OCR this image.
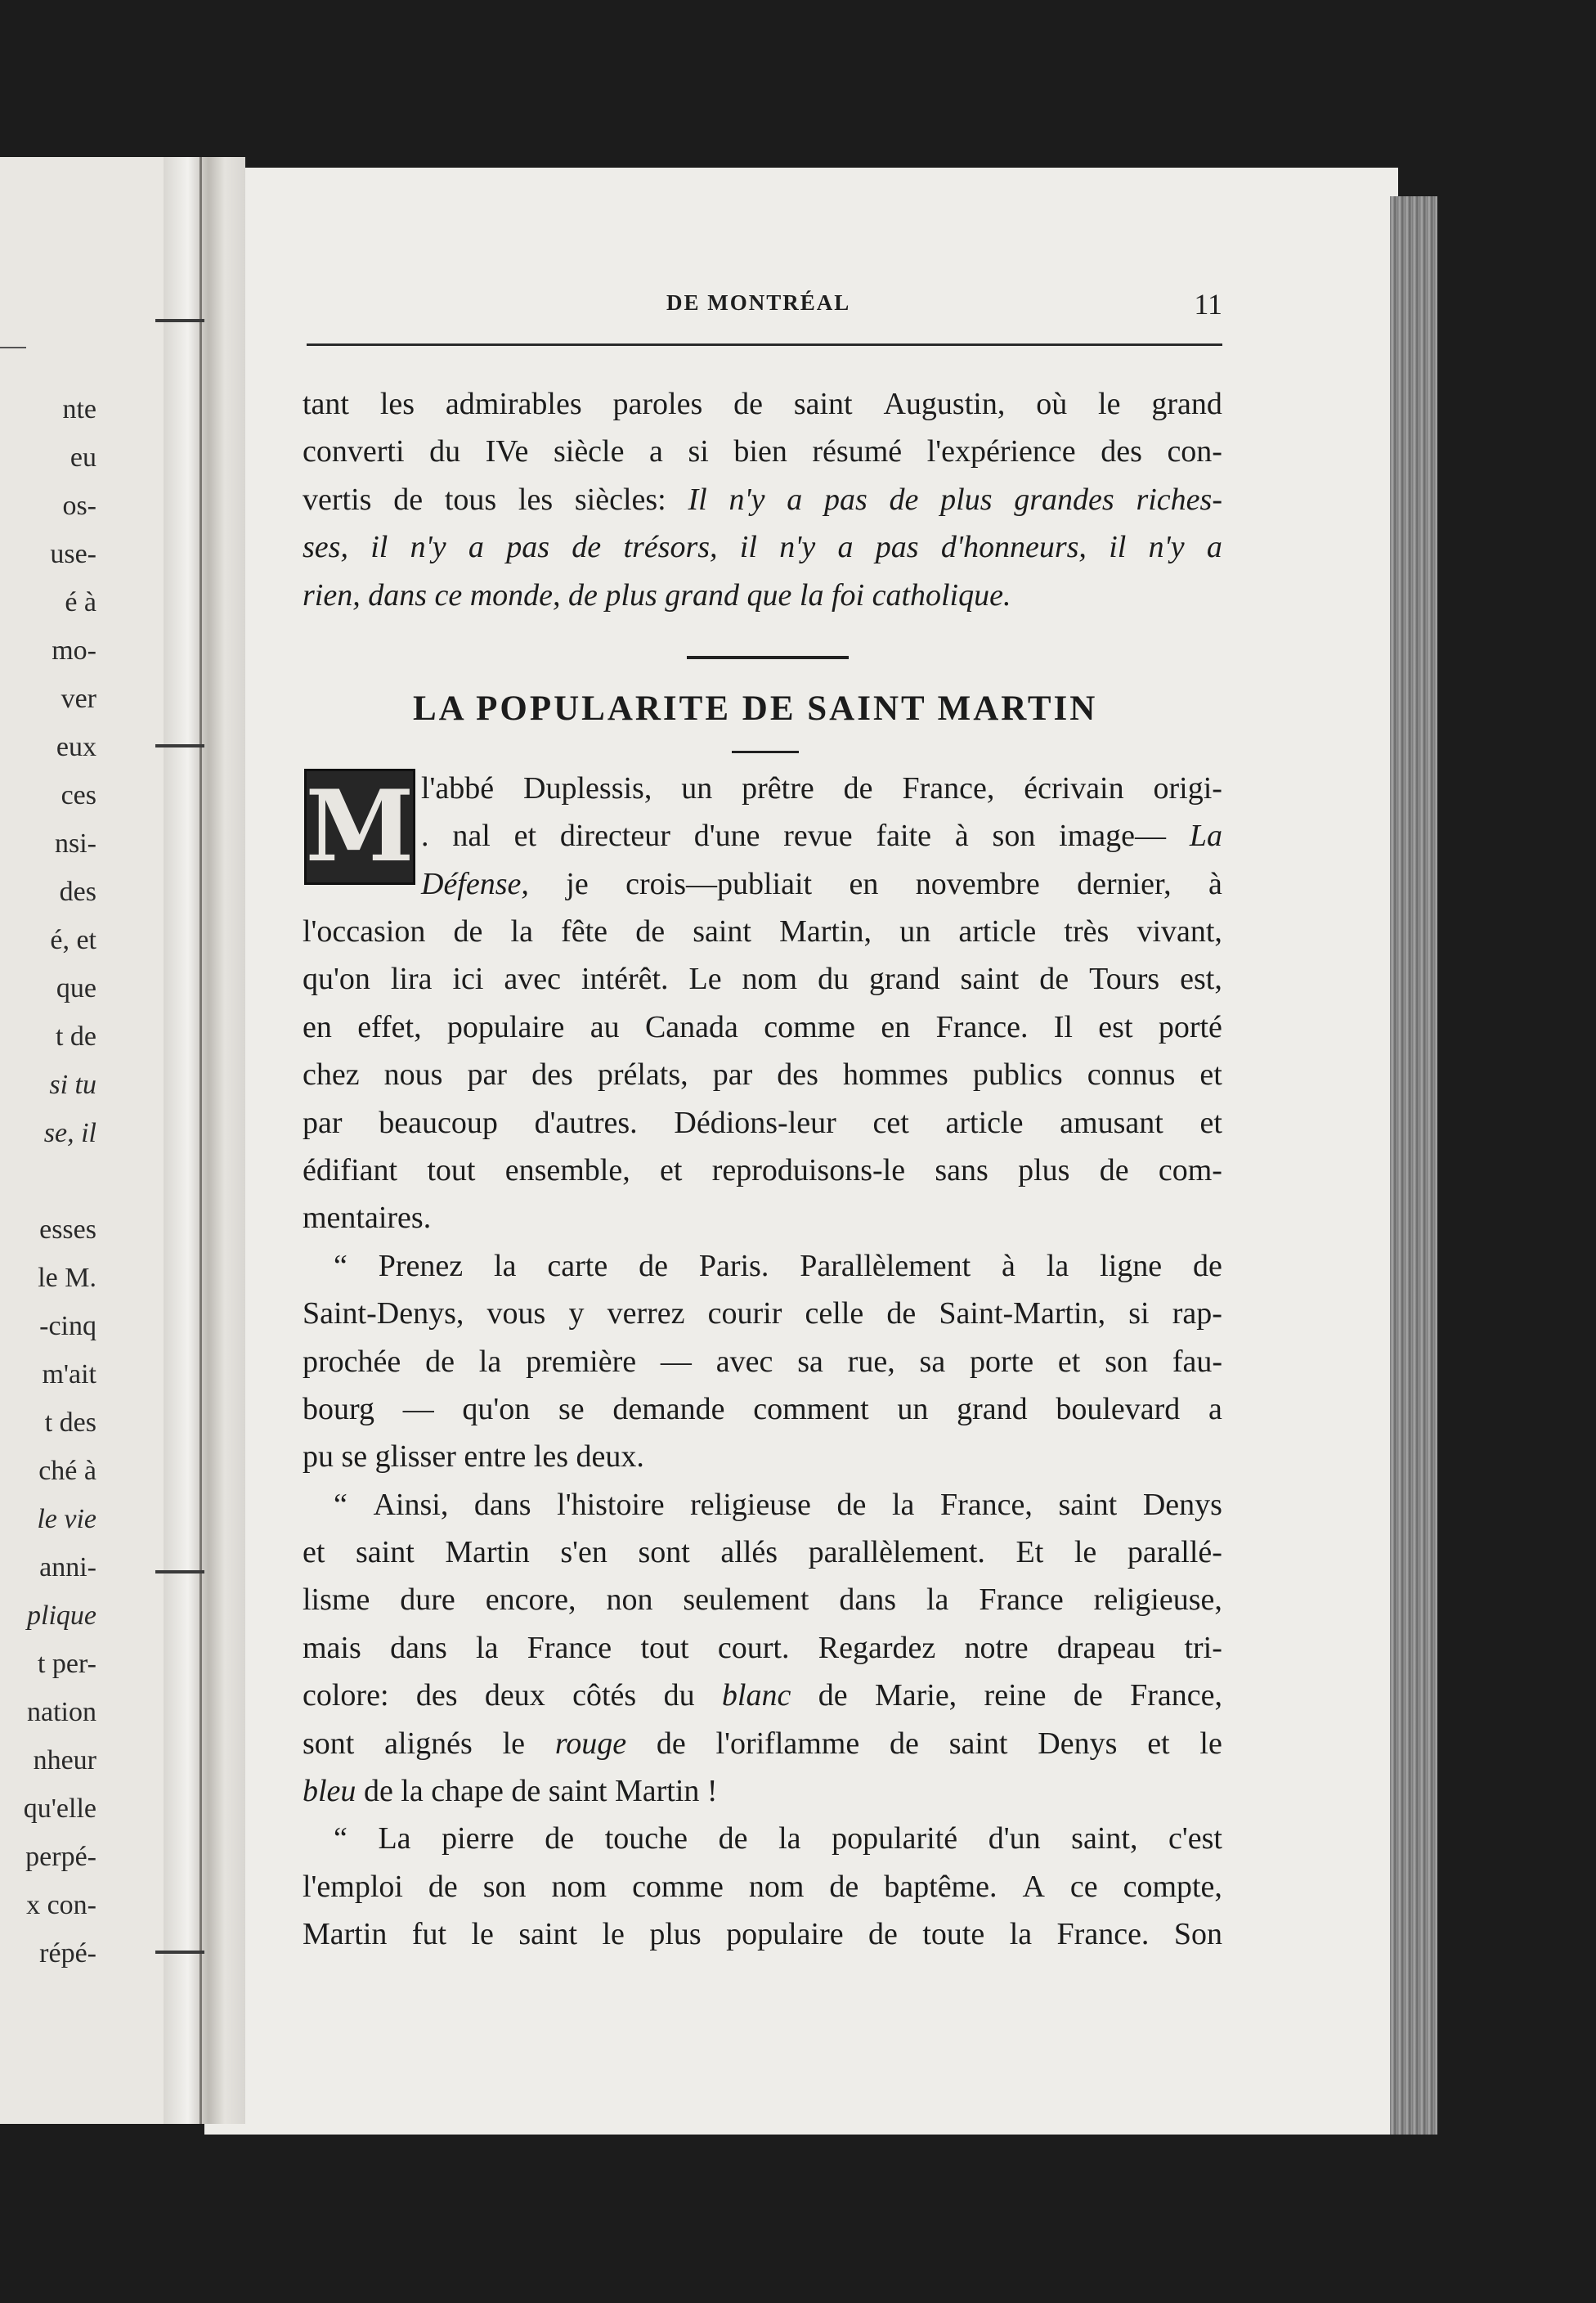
nte
eu
os-
use-
é à
mo-
ver
eux
ces
nsi-
des
é, et
que
t de
si tu
se, il
esses
le M.
-cinq
m'ait
t des
ché à
le vie
anni-
plique
t per-
nation
nheur
qu'elle
perpé-
x con-
répé-
DE MONTRÉAL	11
tant les admirables paroles de saint Augustin, où le grand
converti du IVe siècle a si bien résumé l'expérience des con-
vertis de tous les siècles: Il n'y a pas de plus grandes riches-
ses, il n'y a pas de trésors, il n'y a pas d'honneurs, il n'y a
rien, dans ce monde, de plus grand que la foi catholique.
LA POPULARITE DE SAINT MARTIN
M l'abbé Duplessis, un prêtre de France, écrivain origi-
. nal et directeur d'une revue faite à son image— La
Défense, je crois—publiait en novembre dernier, à
l'occasion de la fête de saint Martin, un article très vivant,
qu'on lira ici avec intérêt. Le nom du grand saint de Tours est,
en effet, populaire au Canada comme en France. Il est porté
chez nous par des prélats, par des hommes publics connus et
par beaucoup d'autres. Dédions-leur cet article amusant et
édifiant tout ensemble, et reproduisons-le sans plus de com-
mentaires.
“ Prenez la carte de Paris. Parallèlement à la ligne de
Saint-Denys, vous y verrez courir celle de Saint-Martin, si rap-
prochée de la première — avec sa rue, sa porte et son fau-
bourg — qu'on se demande comment un grand boulevard a
pu se glisser entre les deux.
“ Ainsi, dans l'histoire religieuse de la France, saint Denys
et saint Martin s'en sont allés parallèlement. Et le parallé-
lisme dure encore, non seulement dans la France religieuse,
mais dans la France tout court. Regardez notre drapeau tri-
colore: des deux côtés du blanc de Marie, reine de France,
sont alignés le rouge de l'oriflamme de saint Denys et le
bleu de la chape de saint Martin !
“ La pierre de touche de la popularité d'un saint, c'est
l'emploi de son nom comme nom de baptême. A ce compte,
Martin fut le saint le plus populaire de toute la France. Son
